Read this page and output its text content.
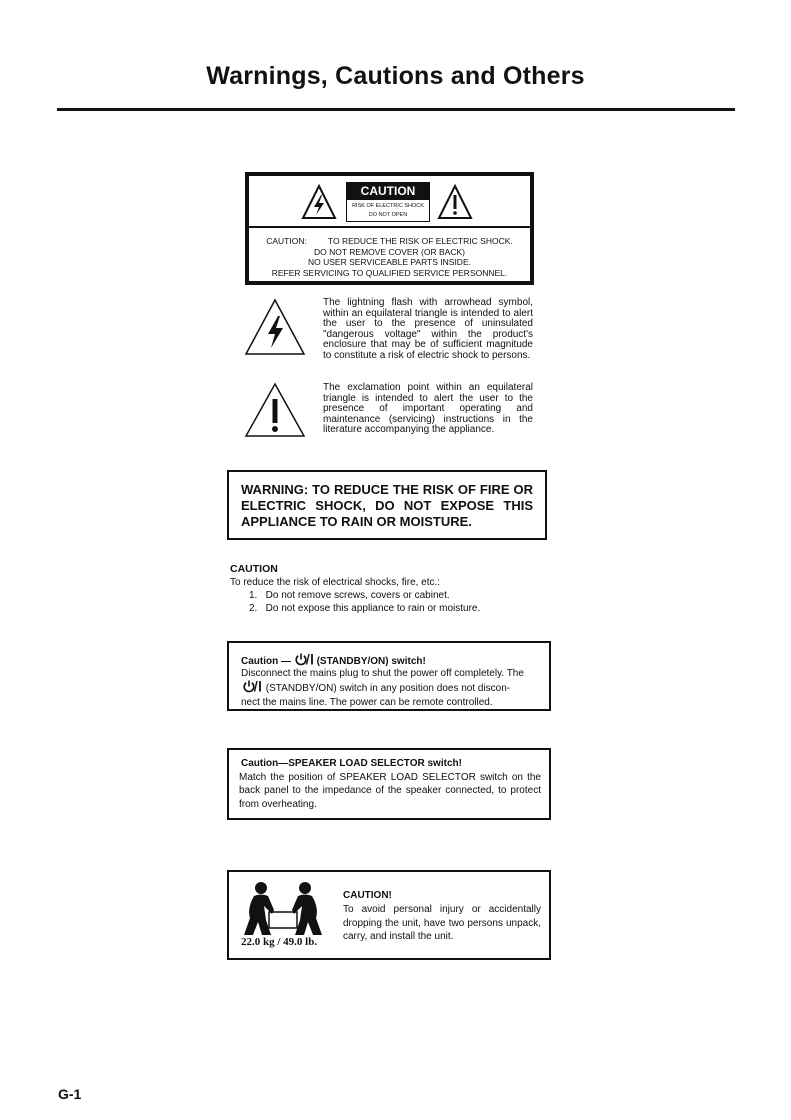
Warnings, Cautions and Others
CAUTION
RISK OF ELECTRIC SHOCK
DO NOT OPEN
CAUTION:         TO REDUCE THE RISK OF ELECTRIC SHOCK.
DO NOT REMOVE COVER (OR BACK)
NO USER SERVICEABLE PARTS INSIDE.
REFER SERVICING TO QUALIFIED SERVICE PERSONNEL.
The lightning flash with arrowhead symbol, within an equilateral triangle is intended to alert the user to the presence of uninsulated "dangerous voltage" within the product's enclosure that may be of sufficient magnitude to constitute a risk of electric shock to persons.
The exclamation point within an equilateral triangle is intended to alert the user to the presence of important operating and maintenance (servicing) instructions in the literature accompanying the appliance.
WARNING: TO REDUCE THE RISK OF FIRE OR ELECTRIC SHOCK, DO NOT EXPOSE THIS APPLIANCE TO RAIN OR MOISTURE.
CAUTION
To reduce the risk of electrical shocks, fire, etc.:
1.   Do not remove screws, covers or cabinet.
2.   Do not expose this appliance to rain or moisture.
Caution —	(STANDBY/ON) switch!
Disconnect the mains plug to shut the power off completely. The
(STANDBY/ON) switch in any position does not discon-
nect the mains line. The power can be remote controlled.
Caution—SPEAKER LOAD SELECTOR switch!
Match the position of SPEAKER LOAD SELECTOR switch on the back panel to the impedance of the speaker connected, to protect from overheating.
22.0 kg / 49.0 lb.
CAUTION!
To avoid personal injury or accidentally dropping the unit, have two persons unpack, carry, and install the unit.
G-1
